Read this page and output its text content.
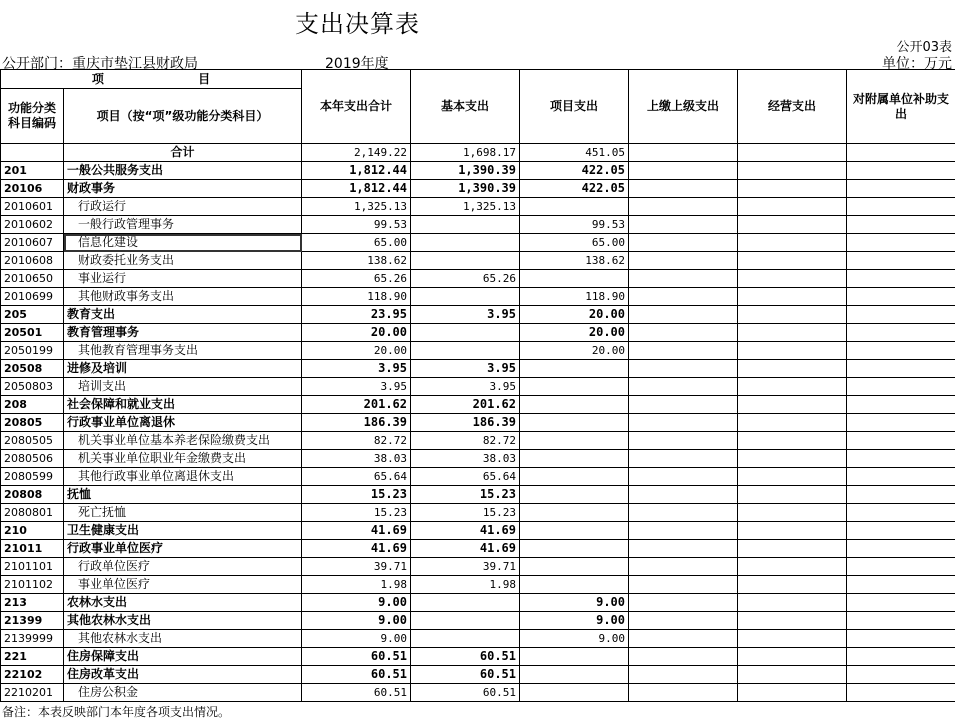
支出决算表
公开03表
公开部门：重庆市垫江县财政局	2019年度	单位：万元
项 目		本年支出合计	基本支出	项目支出	上缴上级支出	经营支出	对附属单位补助支出
功能分类科目编码	项目（按“项”级功能分类科目）						
	合计	2,149.22	1,698.17	451.05			
201	一般公共服务支出	1,812.44	1,390.39	422.05			
20106	财政事务	1,812.44	1,390.39	422.05			
2010601	行政运行	1,325.13	1,325.13				
2010602	一般行政管理事务	99.53		99.53			
2010607	信息化建设	65.00		65.00			
2010608	财政委托业务支出	138.62		138.62			
2010650	事业运行	65.26	65.26				
2010699	其他财政事务支出	118.90		118.90			
205	教育支出	23.95	3.95	20.00			
20501	教育管理事务	20.00		20.00			
2050199	其他教育管理事务支出	20.00		20.00			
20508	进修及培训	3.95	3.95				
2050803	培训支出	3.95	3.95				
208	社会保障和就业支出	201.62	201.62				
20805	行政事业单位离退休	186.39	186.39				
2080505	机关事业单位基本养老保险缴费支出	82.72	82.72				
2080506	机关事业单位职业年金缴费支出	38.03	38.03				
2080599	其他行政事业单位离退休支出	65.64	65.64				
20808	抚恤	15.23	15.23				
2080801	死亡抚恤	15.23	15.23				
210	卫生健康支出	41.69	41.69				
21011	行政事业单位医疗	41.69	41.69				
2101101	行政单位医疗	39.71	39.71				
2101102	事业单位医疗	1.98	1.98				
213	农林水支出	9.00		9.00			
21399	其他农林水支出	9.00		9.00			
2139999	其他农林水支出	9.00		9.00			
221	住房保障支出	60.51	60.51				
22102	住房改革支出	60.51	60.51				
2210201	住房公积金	60.51	60.51				
备注：本表反映部门本年度各项支出情况。
